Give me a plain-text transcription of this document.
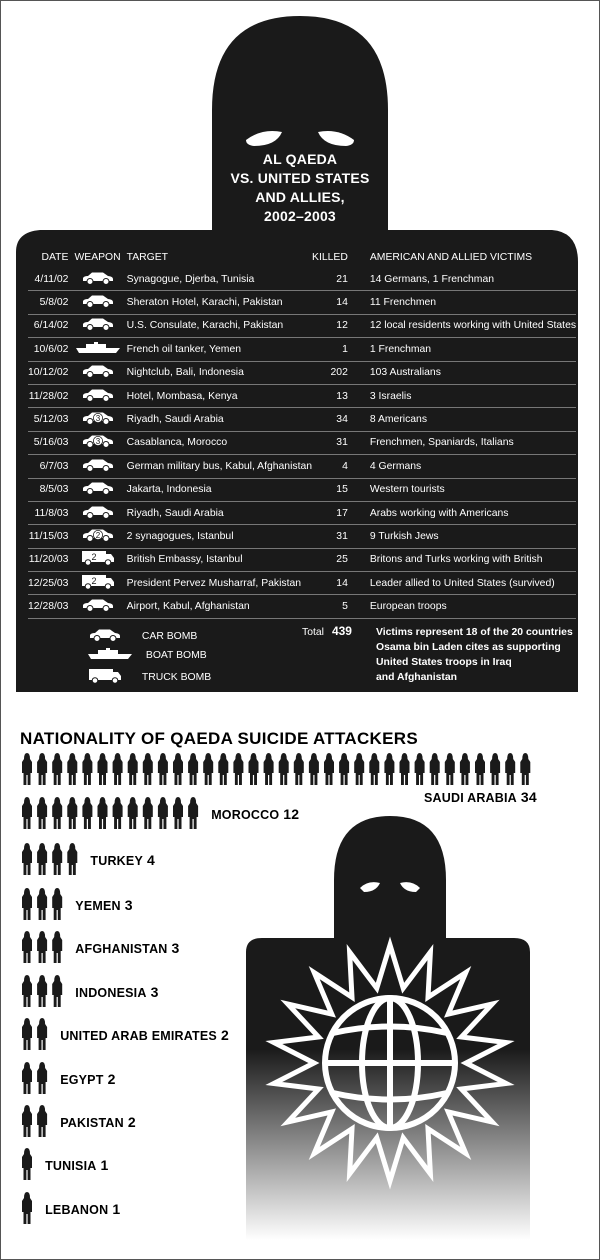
AL QAEDA
VS. UNITED STATES
AND ALLIES,
2002–2003
DATE	WEAPON	TARGET	KILLED	AMERICAN AND ALLIED VICTIMS
4/11/02		Synagogue, Djerba, Tunisia	21	14 Germans, 1 Frenchman
5/8/02		Sheraton Hotel, Karachi, Pakistan	14	11 Frenchmen
6/14/02		U.S. Consulate, Karachi, Pakistan	12	12 local residents working with United States
10/6/02		French oil tanker, Yemen	1	1 Frenchman
10/12/02		Nightclub, Bali, Indonesia	202	103 Australians
11/28/02		Hotel, Mombasa, Kenya	13	3 Israelis
5/12/03	3	Riyadh, Saudi Arabia	34	8 Americans
5/16/03	3	Casablanca, Morocco	31	Frenchmen, Spaniards, Italians
6/7/03		German military bus, Kabul, Afghanistan	4	4 Germans
8/5/03		Jakarta, Indonesia	15	Western tourists
11/8/03		Riyadh, Saudi Arabia	17	Arabs working with Americans
11/15/03	2	2 synagogues, Istanbul	31	9 Turkish Jews
11/20/03	2	British Embassy, Istanbul	25	Britons and Turks working with British
12/25/03	2	President Pervez Musharraf, Pakistan	14	Leader allied to United States (survived)
12/28/03		Airport, Kabul, Afghanistan	5	European troops
CAR BOMB
BOAT BOMB
TRUCK BOMB
Total 439 Victims represent 18 of the 20 countries
Osama bin Laden cites as supporting
United States troops in Iraq
and Afghanistan
NATIONALITY OF QAEDA SUICIDE ATTACKERS
SAUDI ARABIA 34
MOROCCO 12
TURKEY 4
YEMEN 3
AFGHANISTAN 3
INDONESIA 3
UNITED ARAB EMIRATES 2
EGYPT 2
PAKISTAN 2
TUNISIA 1
LEBANON 1
